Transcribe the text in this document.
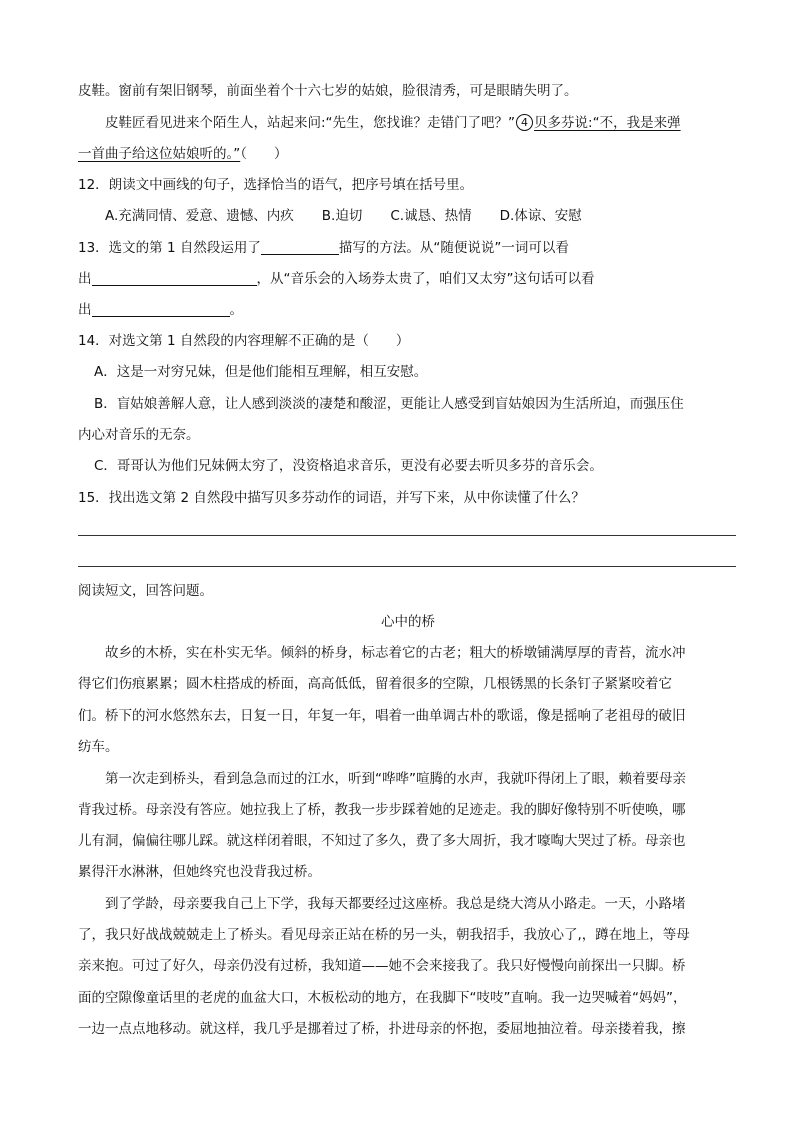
皮鞋。窗前有架旧钢琴，前面坐着个十六七岁的姑娘，脸很清秀，可是眼睛失明了。
皮鞋匠看见进来个陌生人，站起来问:“先生，您找谁？走错门了吧？” 4 贝多芬说:“不，我是来弹
一首曲子给这位姑娘听的。”（　　）
12．朗读文中画线的句子，选择恰当的语气，把序号填在括号里。
A.充满同情、爱意、遗憾、内疚 B.迫切 C.诚恳、热情 D.体谅、安慰
13．选文的第 1 自然段运用了	描写的方法。从“随便说说”一词可以看
出	，从“音乐会的入场券太贵了，咱们又太穷”这句话可以看
出	。
14．对选文第 1 自然段的内容理解不正确的是（　　）
A．这是一对穷兄妹，但是他们能相互理解，相互安慰。
B．盲姑娘善解人意，让人感到淡淡的凄楚和酸涩，更能让人感受到盲姑娘因为生活所迫，而强压住
内心对音乐的无奈。
C．哥哥认为他们兄妹俩太穷了，没资格追求音乐，更没有必要去听贝多芬的音乐会。
15．找出选文第 2 自然段中描写贝多芬动作的词语，并写下来，从中你读懂了什么？
阅读短文，回答问题。
心中的桥
故乡的木桥，实在朴实无华。倾斜的桥身，标志着它的古老；粗大的桥墩铺满厚厚的青苔，流水冲
得它们伤痕累累；圆木柱搭成的桥面，高高低低，留着很多的空隙，几根锈黑的长条钉子紧紧咬着它
们。桥下的河水悠然东去，日复一日，年复一年，唱着一曲单调古朴的歌谣，像是摇响了老祖母的破旧
纺车。
第一次走到桥头，看到急急而过的江水，听到“哗哗”喧腾的水声，我就吓得闭上了眼，赖着要母亲
背我过桥。母亲没有答应。她拉我上了桥，教我一步步踩着她的足迹走。我的脚好像特别不听使唤，哪
儿有洞，偏偏往哪儿踩。就这样闭着眼，不知过了多久，费了多大周折，我才嚎啕大哭过了桥。母亲也
累得汗水淋淋，但她终究也没背我过桥。
到了学龄，母亲要我自己上下学，我每天都要经过这座桥。我总是绕大湾从小路走。一天，小路堵
了，我只好战战兢兢走上了桥头。看见母亲正站在桥的另一头，朝我招手，我放心了,，蹲在地上，等母
亲来抱。可过了好久，母亲仍没有过桥，我知道——她不会来接我了。我只好慢慢向前探出一只脚。桥
面的空隙像童话里的老虎的血盆大口，木板松动的地方，在我脚下“吱吱”直响。我一边哭喊着“妈妈”，
一边一点点地移动。就这样，我几乎是挪着过了桥，扑进母亲的怀抱，委屈地抽泣着。母亲搂着我，擦
